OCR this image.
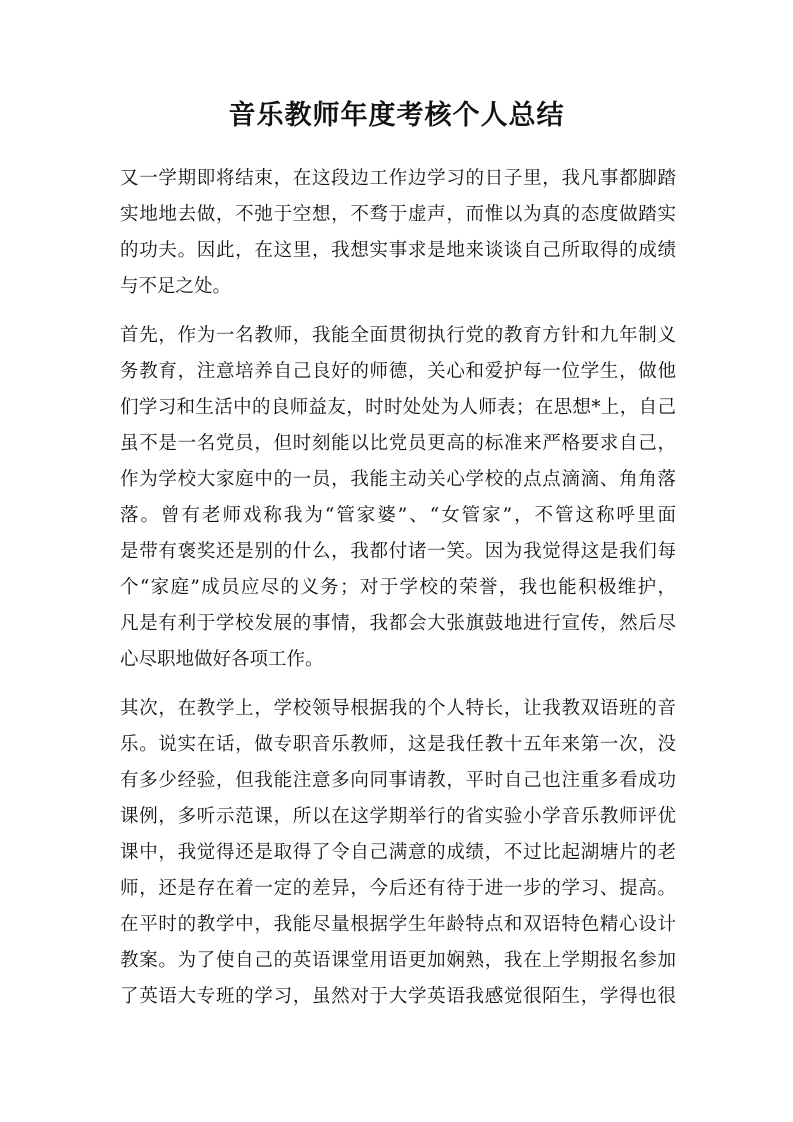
音乐教师年度考核个人总结
又一学期即将结束，在这段边工作边学习的日子里，我凡事都脚踏
实地地去做，不弛于空想，不骛于虚声，而惟以为真的态度做踏实
的功夫。因此，在这里，我想实事求是地来谈谈自己所取得的成绩
与不足之处。
首先，作为一名教师，我能全面贯彻执行党的教育方针和九年制义
务教育，注意培养自己良好的师德，关心和爱护每一位学生，做他
们学习和生活中的良师益友，时时处处为人师表；在思想*上，自己
虽不是一名党员，但时刻能以比党员更高的标准来严格要求自己，
作为学校大家庭中的一员，我能主动关心学校的点点滴滴、角角落
落。曾有老师戏称我为“管家婆”、“女管家”，不管这称呼里面
是带有褒奖还是别的什么，我都付诸一笑。因为我觉得这是我们每
个“家庭”成员应尽的义务；对于学校的荣誉，我也能积极维护，
凡是有利于学校发展的事情，我都会大张旗鼓地进行宣传，然后尽
心尽职地做好各项工作。
其次，在教学上，学校领导根据我的个人特长，让我教双语班的音
乐。说实在话，做专职音乐教师，这是我任教十五年来第一次，没
有多少经验，但我能注意多向同事请教，平时自己也注重多看成功
课例，多听示范课，所以在这学期举行的省实验小学音乐教师评优
课中，我觉得还是取得了令自己满意的成绩，不过比起湖塘片的老
师，还是存在着一定的差异，今后还有待于进一步的学习、提高。
在平时的教学中，我能尽量根据学生年龄特点和双语特色精心设计
教案。为了使自己的英语课堂用语更加娴熟，我在上学期报名参加
了英语大专班的学习，虽然对于大学英语我感觉很陌生，学得也很
